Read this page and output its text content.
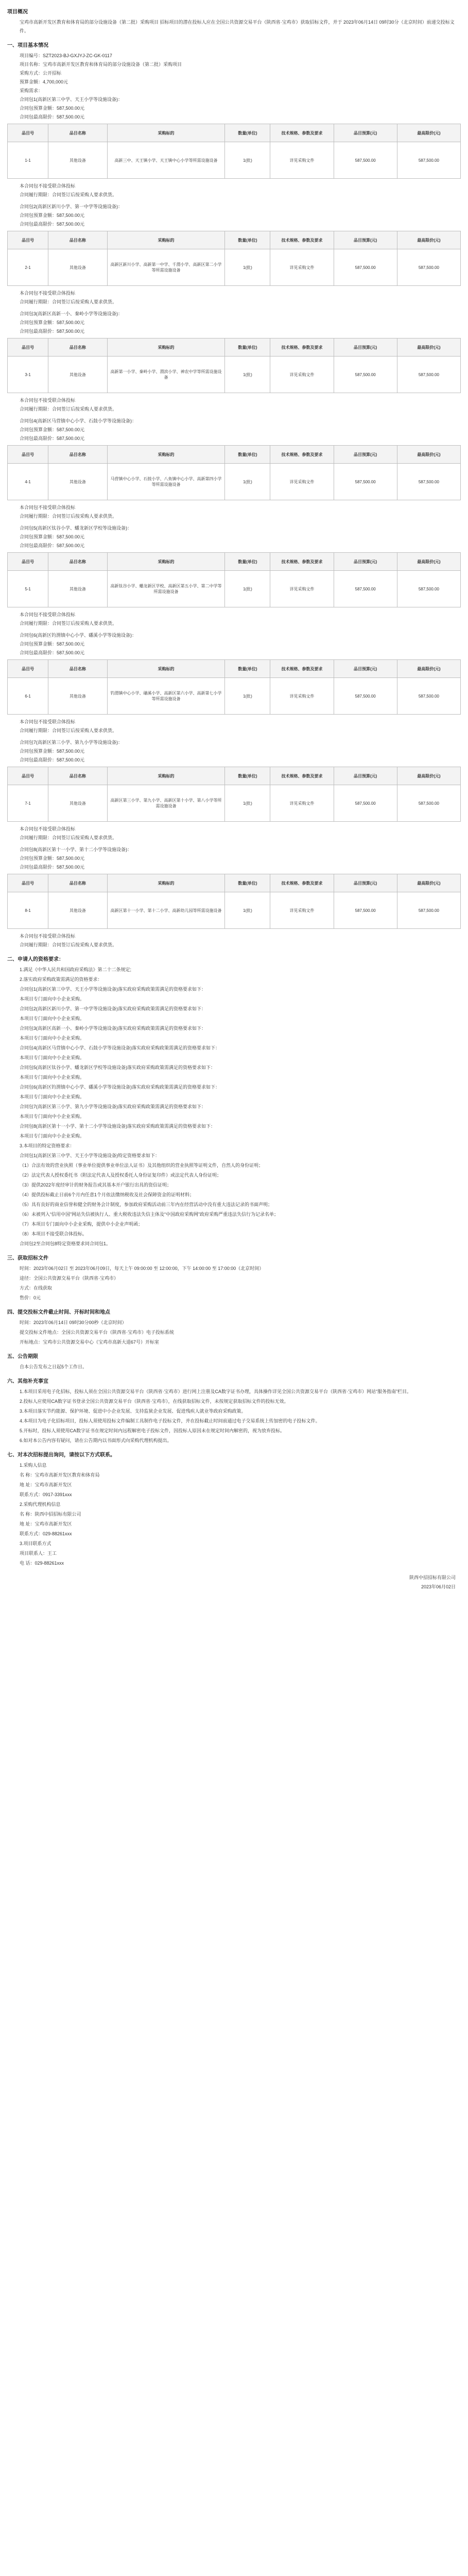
项目概况
宝鸡市高新开发区教育和体育局的部分设施设备（第二批）采购项目 招标项目的潜在投标人应在全国公共资源交易平台（陕西省·宝鸡市）获取招标文件，并于 2023年06月14日 09时30分（北京时间）前递交投标文件。
一、项目基本情况
项目编号：SZT2023-BJ-GXJYJ-ZC-GK-0117
项目名称：宝鸡市高新开发区教育和体育局的部分设施设备（第二批）采购项目
采购方式：公开招标
预算金额：4,700,000元
采购需求：
合同包1(高新区第三中学、天王小学等设施设备)：
合同包预算金额：587,500.00元
合同包最高限价：587,500.00元
品目号	品目名称	采购标的	数量(单位)	技术规格、参数及要求	品目预算(元)	最高限价(元)
1-1	其他设备	高新三中、天王镇小学、天王镇中心小学等所需设施设备	1(批)	详见采购文件	587,500.00	587,500.00
本合同包不接受联合体投标
合同履行期限：合同签订后按采购人要求供货。
合同包2(高新区新川小学、第一中学等设施设备)：
合同包预算金额：587,500.00元
合同包最高限价：587,500.00元
品目号	品目名称	采购标的	数量(单位)	技术规格、参数及要求	品目预算(元)	最高限价(元)
2-1	其他设备	高新区新川小学、高新第一中学、千渭小学、高新区第二小学等所需设施设备	1(批)	详见采购文件	587,500.00	587,500.00
本合同包不接受联合体投标
合同履行期限：合同签订后按采购人要求供货。
合同包3(高新区高新一小、秦岭小学等设施设备)：
合同包预算金额：587,500.00元
合同包最高限价：587,500.00元
品目号	品目名称	采购标的	数量(单位)	技术规格、参数及要求	品目预算(元)	最高限价(元)
3-1	其他设备	高新第一小学、秦岭小学、渭滨小学、神农中学等所需设施设备	1(批)	详见采购文件	587,500.00	587,500.00
本合同包不接受联合体投标
合同履行期限：合同签订后按采购人要求供货。
合同包4(高新区马营镇中心小学、石鼓小学等设施设备)：
合同包预算金额：587,500.00元
合同包最高限价：587,500.00元
品目号	品目名称	采购标的	数量(单位)	技术规格、参数及要求	品目预算(元)	最高限价(元)
4-1	其他设备	马营镇中心小学、石鼓小学、八鱼镇中心小学、高新第四小学等所需设施设备	1(批)	详见采购文件	587,500.00	587,500.00
本合同包不接受联合体投标
合同履行期限：合同签订后按采购人要求供货。
合同包5(高新区钛谷小学、蟠龙新区学校等设施设备)：
合同包预算金额：587,500.00元
合同包最高限价：587,500.00元
品目号	品目名称	采购标的	数量(单位)	技术规格、参数及要求	品目预算(元)	最高限价(元)
5-1	其他设备	高新钛谷小学、蟠龙新区学校、高新区第五小学、第二中学等所需设施设备	1(批)	详见采购文件	587,500.00	587,500.00
本合同包不接受联合体投标
合同履行期限：合同签订后按采购人要求供货。
合同包6(高新区钓渭镇中心小学、磻溪小学等设施设备)：
合同包预算金额：587,500.00元
合同包最高限价：587,500.00元
品目号	品目名称	采购标的	数量(单位)	技术规格、参数及要求	品目预算(元)	最高限价(元)
6-1	其他设备	钓渭镇中心小学、磻溪小学、高新区第六小学、高新第七小学等所需设施设备	1(批)	详见采购文件	587,500.00	587,500.00
本合同包不接受联合体投标
合同履行期限：合同签订后按采购人要求供货。
合同包7(高新区第三小学、第九小学等设施设备)：
合同包预算金额：587,500.00元
合同包最高限价：587,500.00元
品目号	品目名称	采购标的	数量(单位)	技术规格、参数及要求	品目预算(元)	最高限价(元)
7-1	其他设备	高新区第三小学、第九小学、高新区第十小学、第八小学等所需设施设备	1(批)	详见采购文件	587,500.00	587,500.00
本合同包不接受联合体投标
合同履行期限：合同签订后按采购人要求供货。
合同包8(高新区第十一小学、第十二小学等设施设备)：
合同包预算金额：587,500.00元
合同包最高限价：587,500.00元
品目号	品目名称	采购标的	数量(单位)	技术规格、参数及要求	品目预算(元)	最高限价(元)
8-1	其他设备	高新区第十一小学、第十二小学、高新幼儿园等所需设施设备	1(批)	详见采购文件	587,500.00	587,500.00
本合同包不接受联合体投标
合同履行期限：合同签订后按采购人要求供货。
二、申请人的资格要求：
1.满足《中华人民共和国政府采购法》第二十二条规定;
2.落实政府采购政策需满足的资格要求：
合同包1(高新区第三中学、天王小学等设施设备)落实政府采购政策需满足的资格要求如下：
本项目专门面向中小企业采购。
合同包2(高新区新川小学、第一中学等设施设备)落实政府采购政策需满足的资格要求如下：
本项目专门面向中小企业采购。
合同包3(高新区高新一小、秦岭小学等设施设备)落实政府采购政策需满足的资格要求如下：
本项目专门面向中小企业采购。
合同包4(高新区马营镇中心小学、石鼓小学等设施设备)落实政府采购政策需满足的资格要求如下：
本项目专门面向中小企业采购。
合同包5(高新区钛谷小学、蟠龙新区学校等设施设备)落实政府采购政策需满足的资格要求如下：
本项目专门面向中小企业采购。
合同包6(高新区钓渭镇中心小学、磻溪小学等设施设备)落实政府采购政策需满足的资格要求如下：
本项目专门面向中小企业采购。
合同包7(高新区第三小学、第九小学等设施设备)落实政府采购政策需满足的资格要求如下：
本项目专门面向中小企业采购。
合同包8(高新区第十一小学、第十二小学等设施设备)落实政府采购政策需满足的资格要求如下：
本项目专门面向中小企业采购。
3.本项目的特定资格要求：
合同包1(高新区第三中学、天王小学等设施设备)特定资格要求如下：
（1）合法有效的营业执照（事业单位提供事业单位法人证书）及其他组织的营业执照等证明文件，自然人的身份证明；
（2）法定代表人授权委托书（附法定代表人及授权委托人身份证复印件）或法定代表人身份证明；
（3）提供2022年度经审计的财务报告或其基本开户银行出具的资信证明；
（4）提供投标截止日前6个月内任意1个月依法缴纳税收及社会保障资金的证明材料；
（5）具有良好的商业信誉和健全的财务会计制度，参加政府采购活动前三年内在经营活动中没有重大违法记录的书面声明；
（6）未被列入“信用中国”网站失信被执行人、重大税收违法失信主体及“中国政府采购网”政府采购严重违法失信行为记录名单；
（7）本项目专门面向中小企业采购，提供中小企业声明函；
（8）本项目不接受联合体投标。
合同包2至合同包8特定资格要求同合同包1。
三、获取招标文件
时间：2023年06月02日 至 2023年06月09日，每天上午 09:00:00 至 12:00:00，下午 14:00:00 至 17:00:00（北京时间）
途径：全国公共资源交易平台（陕西省·宝鸡市）
方式：在线获取
售价：0元
四、提交投标文件截止时间、开标时间和地点
时间：2023年06月14日 09时30分00秒（北京时间）
提交投标文件地点：全国公共资源交易平台（陕西省·宝鸡市）电子投标系统
开标地点：宝鸡市公共资源交易中心（宝鸡市高新大道67号）开标室
五、公告期限
自本公告发布之日起5个工作日。
六、其他补充事宜
1.本项目采用电子化招标，投标人须在全国公共资源交易平台（陕西省·宝鸡市）进行网上注册及CA数字证书办理，具体操作详见全国公共资源交易平台（陕西省·宝鸡市）网站“服务指南”栏目。
2.投标人应使用CA数字证书登录全国公共资源交易平台（陕西省·宝鸡市），在线获取招标文件，未按规定获取招标文件的投标无效。
3.本项目落实节约能源、保护环境、促进中小企业发展、支持监狱企业发展、促进残疾人就业等政府采购政策。
4.本项目为电子化招标项目，投标人须使用投标文件编制工具制作电子投标文件，并在投标截止时间前通过电子交易系统上传加密的电子投标文件。
5.开标时，投标人须使用CA数字证书在规定时间内远程解密电子投标文件，因投标人原因未在规定时间内解密的，视为放弃投标。
6.如对本公告内容有疑问，请在公告期内以书面形式向采购代理机构提出。
七、对本次招标提出询问，请按以下方式联系。
1.采购人信息
名 称：宝鸡市高新开发区教育和体育局
地 址：宝鸡市高新开发区
联系方式：0917-3391xxx
2.采购代理机构信息
名 称：陕西中招招标有限公司
地 址：宝鸡市高新开发区
联系方式：029-88261xxx
3.项目联系方式
项目联系人：王工
电 话：029-88261xxx
陕西中招招标有限公司
2023年06月02日
